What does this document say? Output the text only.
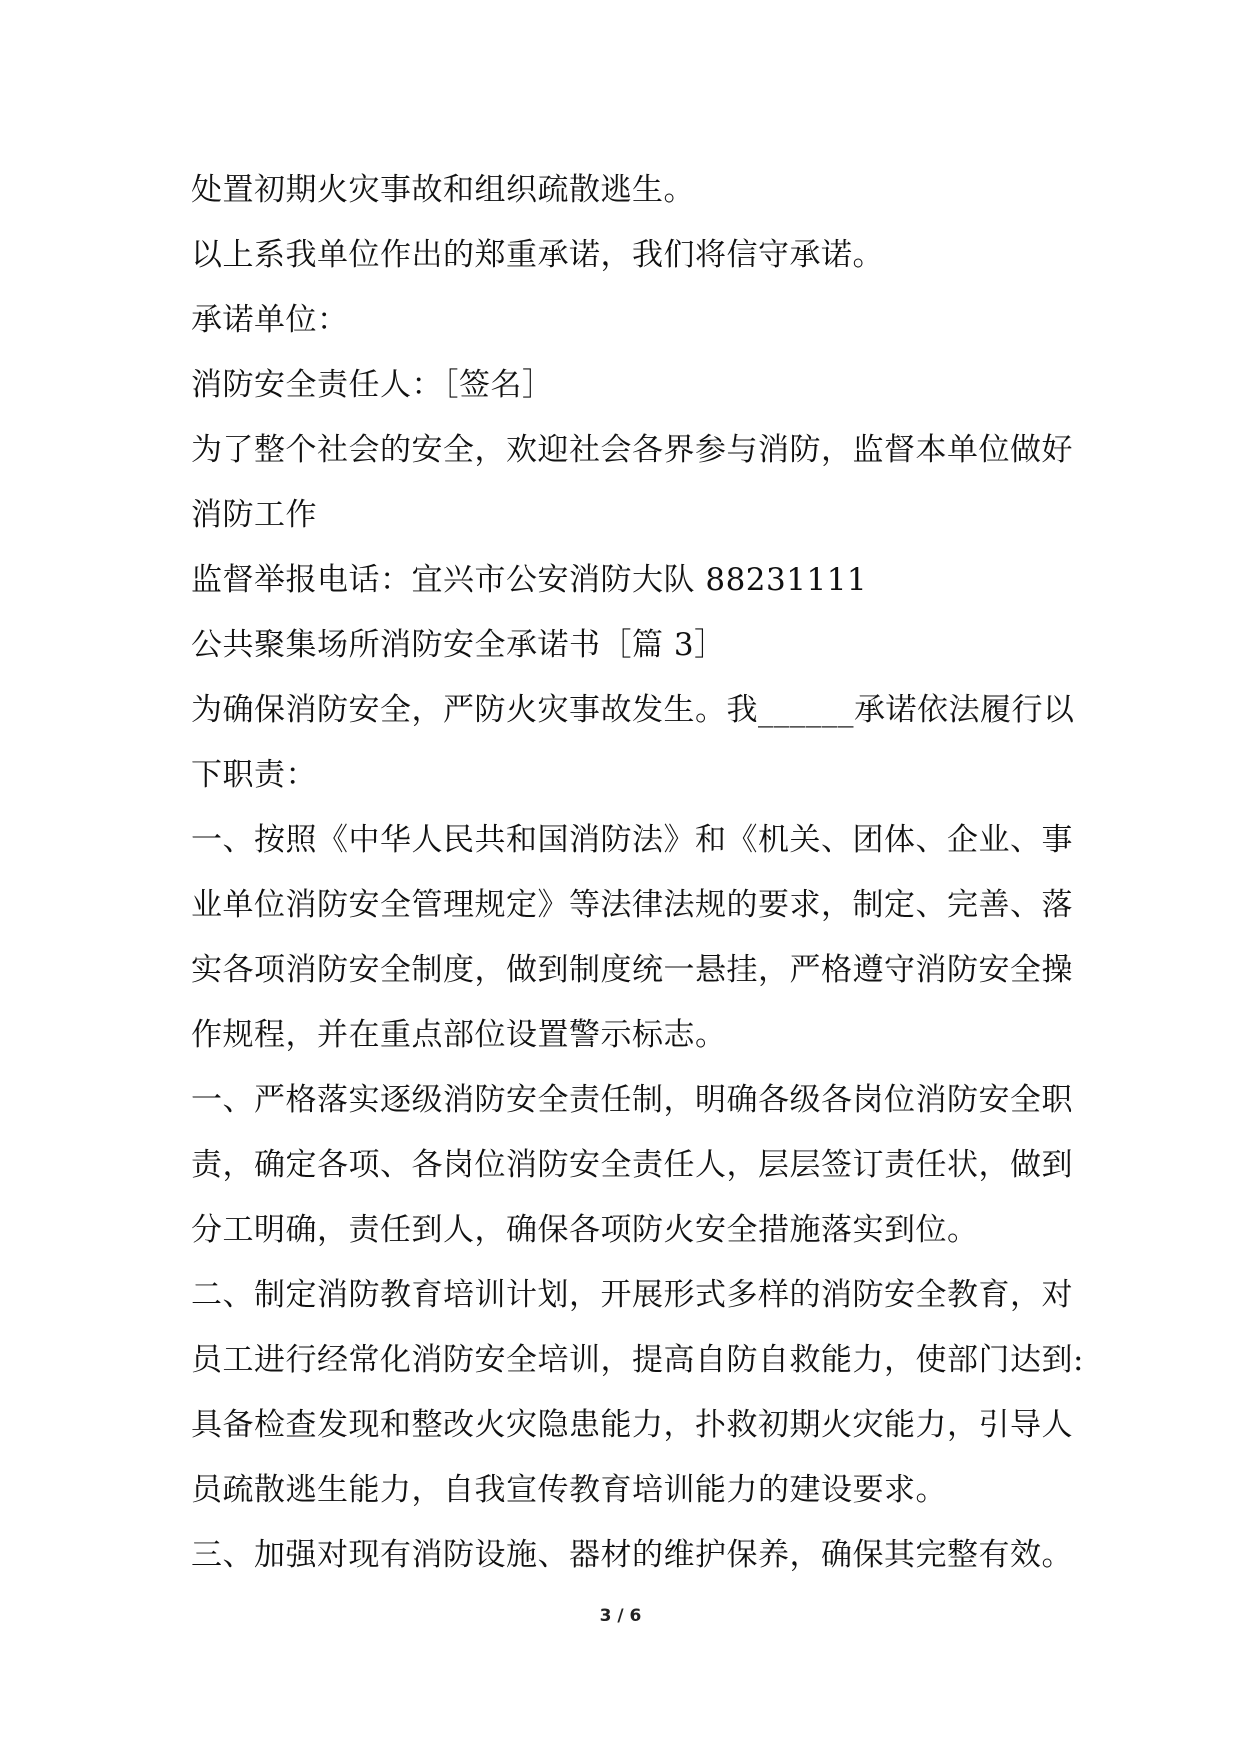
处置初期火灾事故和组织疏散逃生。
以上系我单位作出的郑重承诺，我们将信守承诺。
承诺单位：
消防安全责任人：［签名］
为了整个社会的安全，欢迎社会各界参与消防，监督本单位做好
消防工作
监督举报电话：宜兴市公安消防大队 88231111
公共聚集场所消防安全承诺书［篇 3］
为确保消防安全，严防火灾事故发生。我______承诺依法履行以
下职责：
一、按照《中华人民共和国消防法》和《机关、团体、企业、事
业单位消防安全管理规定》等法律法规的要求，制定、完善、落
实各项消防安全制度，做到制度统一悬挂，严格遵守消防安全操
作规程，并在重点部位设置警示标志。
一、严格落实逐级消防安全责任制，明确各级各岗位消防安全职
责，确定各项、各岗位消防安全责任人，层层签订责任状，做到
分工明确，责任到人，确保各项防火安全措施落实到位。
二、制定消防教育培训计划，开展形式多样的消防安全教育，对
员工进行经常化消防安全培训，提高自防自救能力，使部门达到:
具备检查发现和整改火灾隐患能力，扑救初期火灾能力，引导人
员疏散逃生能力，自我宣传教育培训能力的建设要求。
三、加强对现有消防设施、器材的维护保养，确保其完整有效。
3 / 6
